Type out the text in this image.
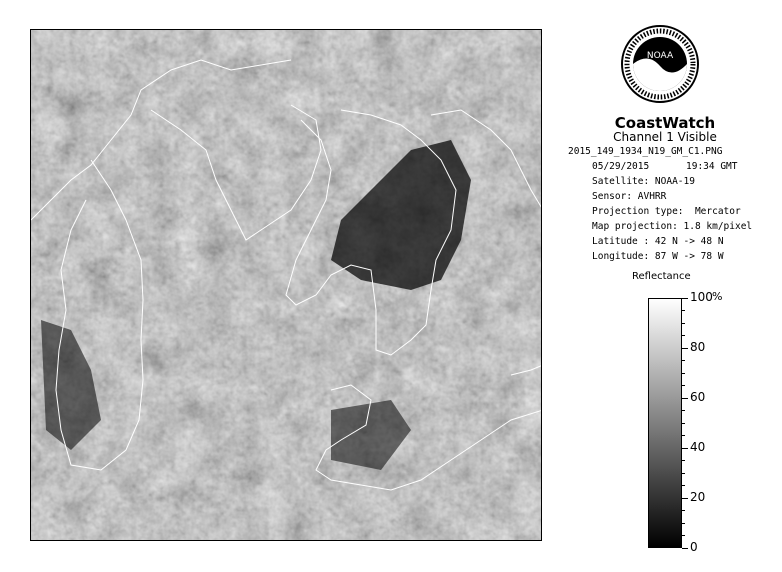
NOAA
CoastWatch
Channel 1 Visible
2015_149_1934_N19_GM_C1.PNG
05/29/2015	19:34 GMT
Satellite: NOAA-19
Sensor: AVHRR
Projection type:  Mercator
Map projection: 1.8 km/pixel
Latitude : 42 N -> 48 N
Longitude: 87 W -> 78 W
Reflectance
%
100
80
60
40
20
0
